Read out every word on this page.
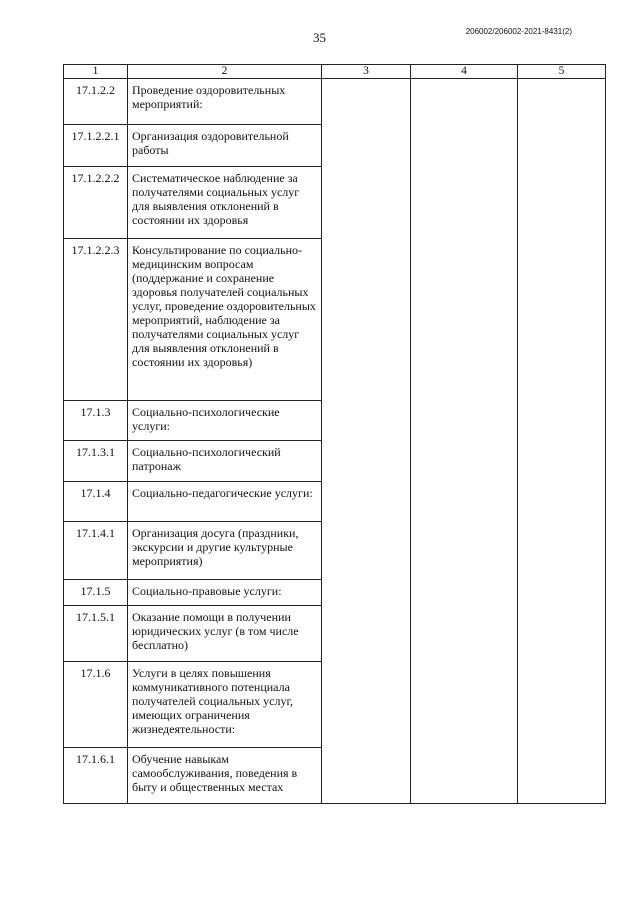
35	206002/206002-2021-8431(2)
1	2	3	4	5
17.1.2.2	Проведение оздоровительных мероприятий:			
17.1.2.2.1	Организация оздоровительной работы			
17.1.2.2.2	Систематическое наблюдение за получателями социальных услуг для выявления отклонений в состоянии их здоровья			
17.1.2.2.3	Консультирование по социально-медицинским вопросам (поддержание и сохранение здоровья получателей социальных услуг, проведение оздоровительных мероприятий, наблюдение за получателями социальных услуг для выявления отклонений в состоянии их здоровья)			
17.1.3	Социально-психологические услуги:			
17.1.3.1	Социально-психологический патронаж			
17.1.4	Социально-педагогические услуги:			
17.1.4.1	Организация досуга (праздники, экскурсии и другие культурные мероприятия)			
17.1.5	Социально-правовые услуги:			
17.1.5.1	Оказание помощи в получении юридических услуг (в том числе бесплатно)			
17.1.6	Услуги в целях повышения коммуникативного потенциала получателей социальных услуг, имеющих ограничения жизнедеятельности:			
17.1.6.1	Обучение навыкам самообслуживания, поведения в быту и общественных местах			
